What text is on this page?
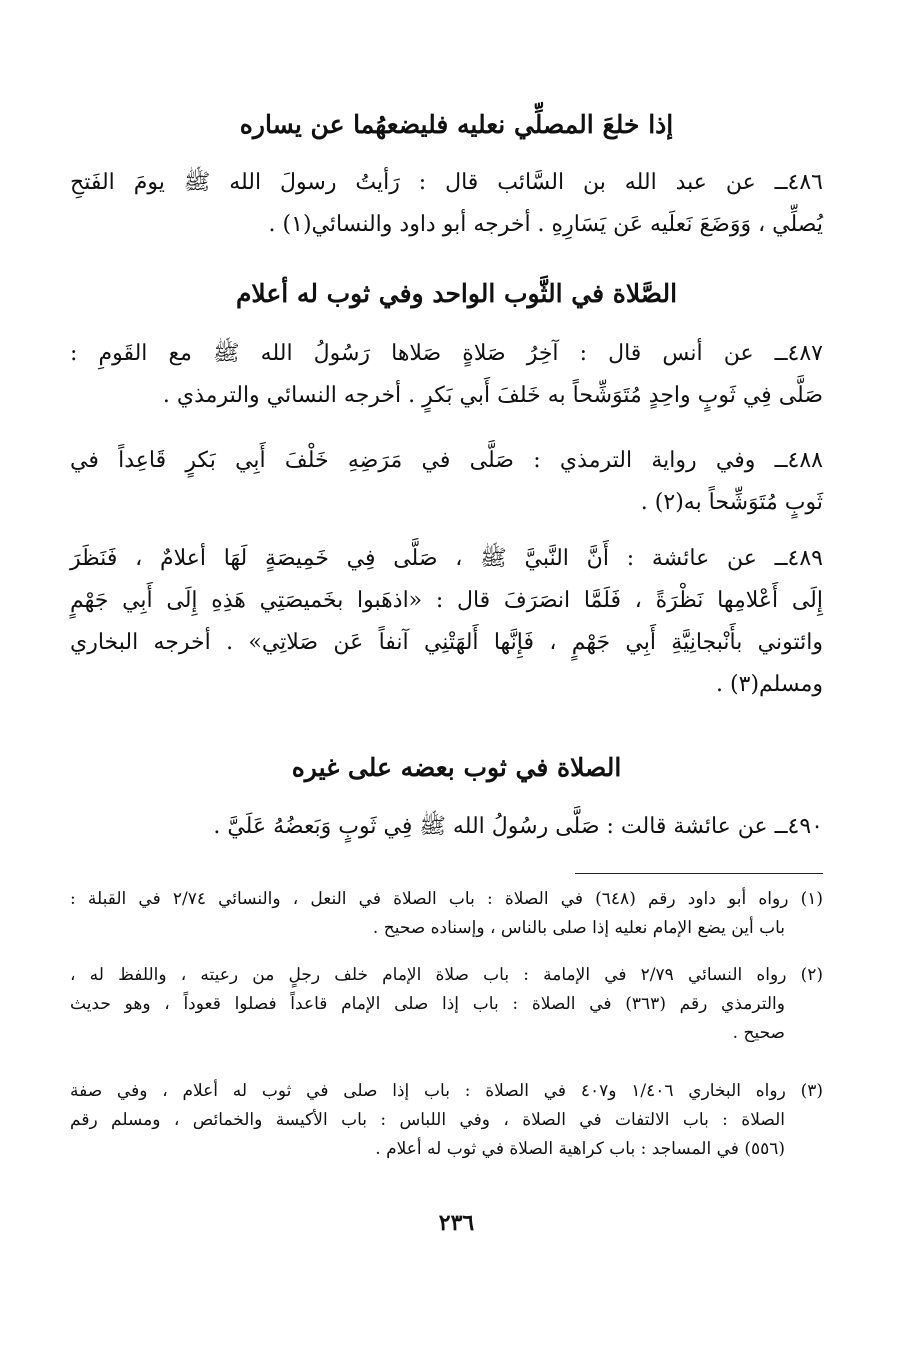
إذا خلعَ المصلِّي نعليه فليضعهُما عن يساره
٤٨٦ــ عن عبد الله بن السَّائب قال : رَأيتُ رسولَ الله ﷺ يومَ الفَتحِ
يُصلِّي ، وَوَضَعَ نَعلَيه عَن يَسَارِهِ . أخرجه أبو داود والنسائي(١) .
الصَّلاة في الثَّوب الواحد وفي ثوب له أعلام
٤٨٧ــ عن أنس قال : آخِرُ صَلاةٍ صَلاها رَسُولُ الله ﷺ مع القَومِ :
صَلَّى فِي ثَوبٍ واحِدٍ مُتَوَشِّحاً به خَلفَ أَبي بَكرٍ . أخرجه النسائي والترمذي .
٤٨٨ــ وفي رواية الترمذي : صَلَّى في مَرَضِهِ خَلْفَ أَبِي بَكرٍ قَاعِداً في
ثَوبٍ مُتَوَشِّحاً به(٢) .
٤٨٩ــ عن عائشة : أَنَّ النَّبيَّ ﷺ ، صَلَّى فِي خَمِيصَةٍ لَهَا أعلامٌ ، فَنَظَرَ
إِلَى أَعْلامِها نَظْرَةً ، فَلَمَّا انصَرَفَ قال : «اذهَبوا بخَميصَتِي هَذِهِ إِلَى أَبِي جَهْمٍ
وائتوني بأَنْبجانِيَّةِ أَبِي جَهْمٍ ، فَإِنَّها أَلهَتْنِي آنفاً عَن صَلاتِي» . أخرجه البخاري
ومسلم(٣) .
الصلاة في ثوب بعضه على غيره
٤٩٠ــ عن عائشة قالت : صَلَّى رسُولُ الله ﷺ فِي ثَوبٍ وَبَعضُهُ عَلَيَّ .
(١) رواه أبو داود رقم (٦٤٨) في الصلاة : باب الصلاة في النعل ، والنسائي ٢/٧٤ في القبلة :
باب أين يضع الإمام نعليه إذا صلى بالناس ، وإسناده صحيح .
(٢) رواه النسائي ٢/٧٩ في الإمامة : باب صلاة الإمام خلف رجلٍ من رعيته ، واللفظ له ،
والترمذي رقم (٣٦٣) في الصلاة : باب إذا صلى الإمام قاعداً فصلوا قعوداً ، وهو حديث
صحيح .
(٣) رواه البخاري ١/٤٠٦ و٤٠٧ في الصلاة : باب إذا صلى في ثوب له أعلام ، وفي صفة
الصلاة : باب الالتفات في الصلاة ، وفي اللباس : باب الأكيسة والخمائص ، ومسلم رقم
(٥٥٦) في المساجد : باب كراهية الصلاة في ثوب له أعلام .
٢٣٦
